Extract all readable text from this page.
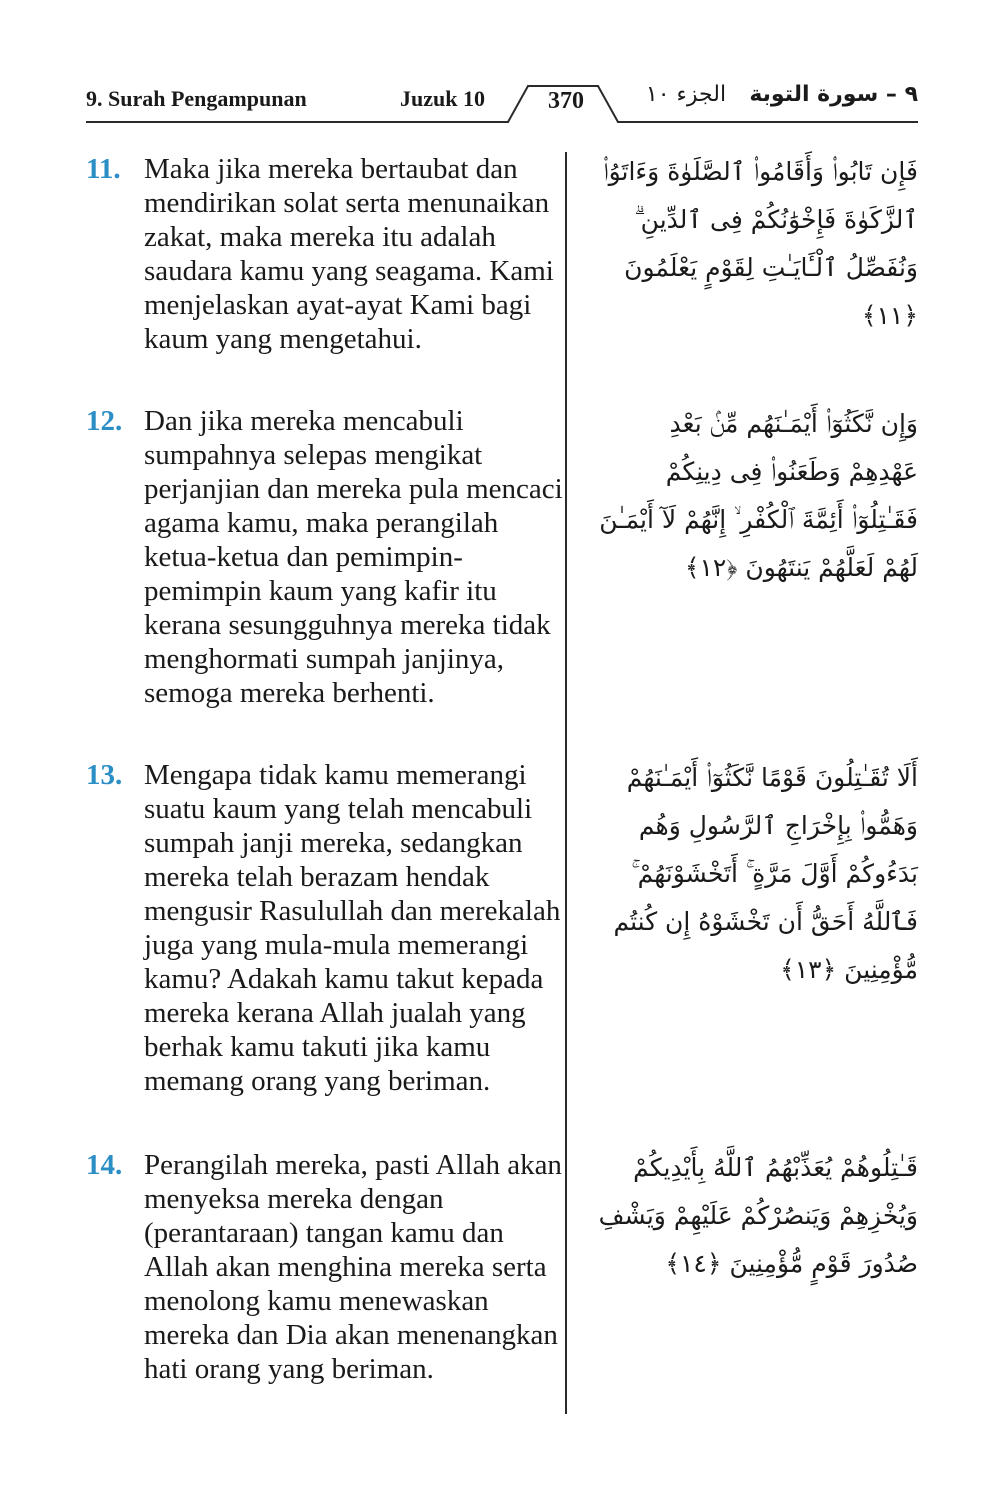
9. Surah Pengampunan	Juzuk 10	370	الجزء ١٠	٩ – سورة التوبة
11. Maka jika mereka bertaubat dan mendirikan solat serta menunaikan zakat, maka mereka itu adalah saudara kamu yang seagama. Kami menjelaskan ayat-ayat Kami bagi kaum yang mengetahui.
فَإِن تَابُوا۟ وَأَقَامُوا۟ ٱلصَّلَوٰةَ وَءَاتَوُا۟ ٱلزَّكَوٰةَ فَإِخْوَٰنُكُمْ فِى ٱلدِّينِ ۗ وَنُفَصِّلُ ٱلْـَٔايَـٰتِ لِقَوْمٍ يَعْلَمُونَ ﴿١١﴾
12. Dan jika mereka mencabuli sumpahnya selepas mengikat perjanjian dan mereka pula mencaci agama kamu, maka perangilah ketua-ketua dan pemimpin-pemimpin kaum yang kafir itu kerana sesungguhnya mereka tidak menghormati sumpah janjinya, semoga mereka berhenti.
وَإِن نَّكَثُوٓا۟ أَيْمَـٰنَهُم مِّنۢ بَعْدِ عَهْدِهِمْ وَطَعَنُوا۟ فِى دِينِكُمْ فَقَـٰتِلُوٓا۟ أَئِمَّةَ ٱلْكُفْرِ ۙ إِنَّهُمْ لَآ أَيْمَـٰنَ لَهُمْ لَعَلَّهُمْ يَنتَهُونَ ﴿١٢﴾
13. Mengapa tidak kamu memerangi suatu kaum yang telah mencabuli sumpah janji mereka, sedangkan mereka telah berazam hendak mengusir Rasulullah dan merekalah juga yang mula-mula memerangi kamu? Adakah kamu takut kepada mereka kerana Allah jualah yang berhak kamu takuti jika kamu memang orang yang beriman.
أَلَا تُقَـٰتِلُونَ قَوْمًا نَّكَثُوٓا۟ أَيْمَـٰنَهُمْ وَهَمُّوا۟ بِإِخْرَاجِ ٱلرَّسُولِ وَهُم بَدَءُوكُمْ أَوَّلَ مَرَّةٍ ۚ أَتَخْشَوْنَهُمْ ۚ فَٱللَّهُ أَحَقُّ أَن تَخْشَوْهُ إِن كُنتُم مُّؤْمِنِينَ ﴿١٣﴾
14. Perangilah mereka, pasti Allah akan menyeksa mereka dengan (perantaraan) tangan kamu dan Allah akan menghina mereka serta menolong kamu menewaskan mereka dan Dia akan menenangkan hati orang yang beriman.
قَـٰتِلُوهُمْ يُعَذِّبْهُمُ ٱللَّهُ بِأَيْدِيكُمْ وَيُخْزِهِمْ وَيَنصُرْكُمْ عَلَيْهِمْ وَيَشْفِ صُدُورَ قَوْمٍ مُّؤْمِنِينَ ﴿١٤﴾
